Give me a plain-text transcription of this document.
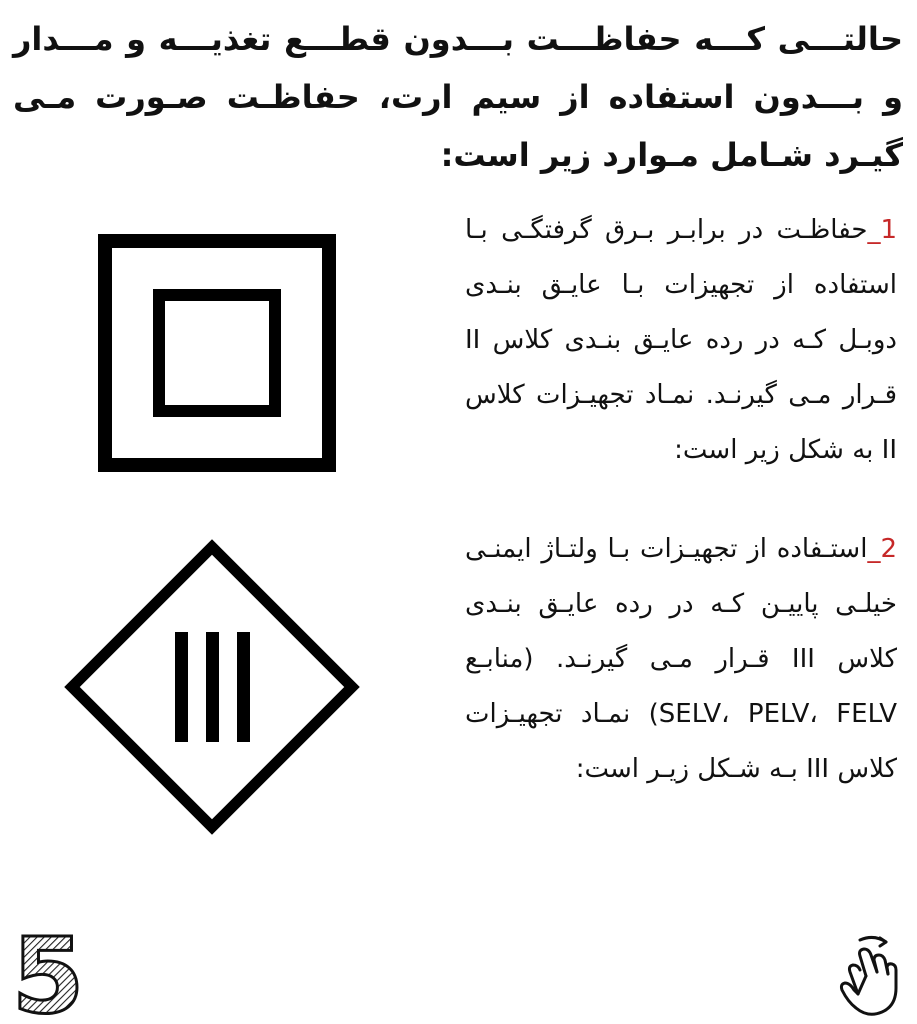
حالتـــی کـــه حفاظـــت بـــدون قطـــع تغذیـــه و مـــدار و بـــدون استفاده از سیم ارت، حفاظـت صـورت مـی گیـرد شـامل مـوارد زیر است:

1_حفاظـت در برابـر بـرق گرفتگـی بـا استفاده از تجهیزات بـا عایـق بنـدی دوبـل کـه در رده عایـق بنـدی کلاس II قـرار مـی گیرنـد. نمـاد تجهیـزات کلاس II به شکل زیر است:

2_استـفاده از تجهیـزات بـا ولتـاژ ایمنـی خیلـی پاییـن کـه در رده عایـق بنـدی کلاس III قـرار مـی گیرنـد. (منابـع SELV، PELV، FELV) نمـاد تجهیـزات کلاس III بـه شـکل زیـر است:

5
